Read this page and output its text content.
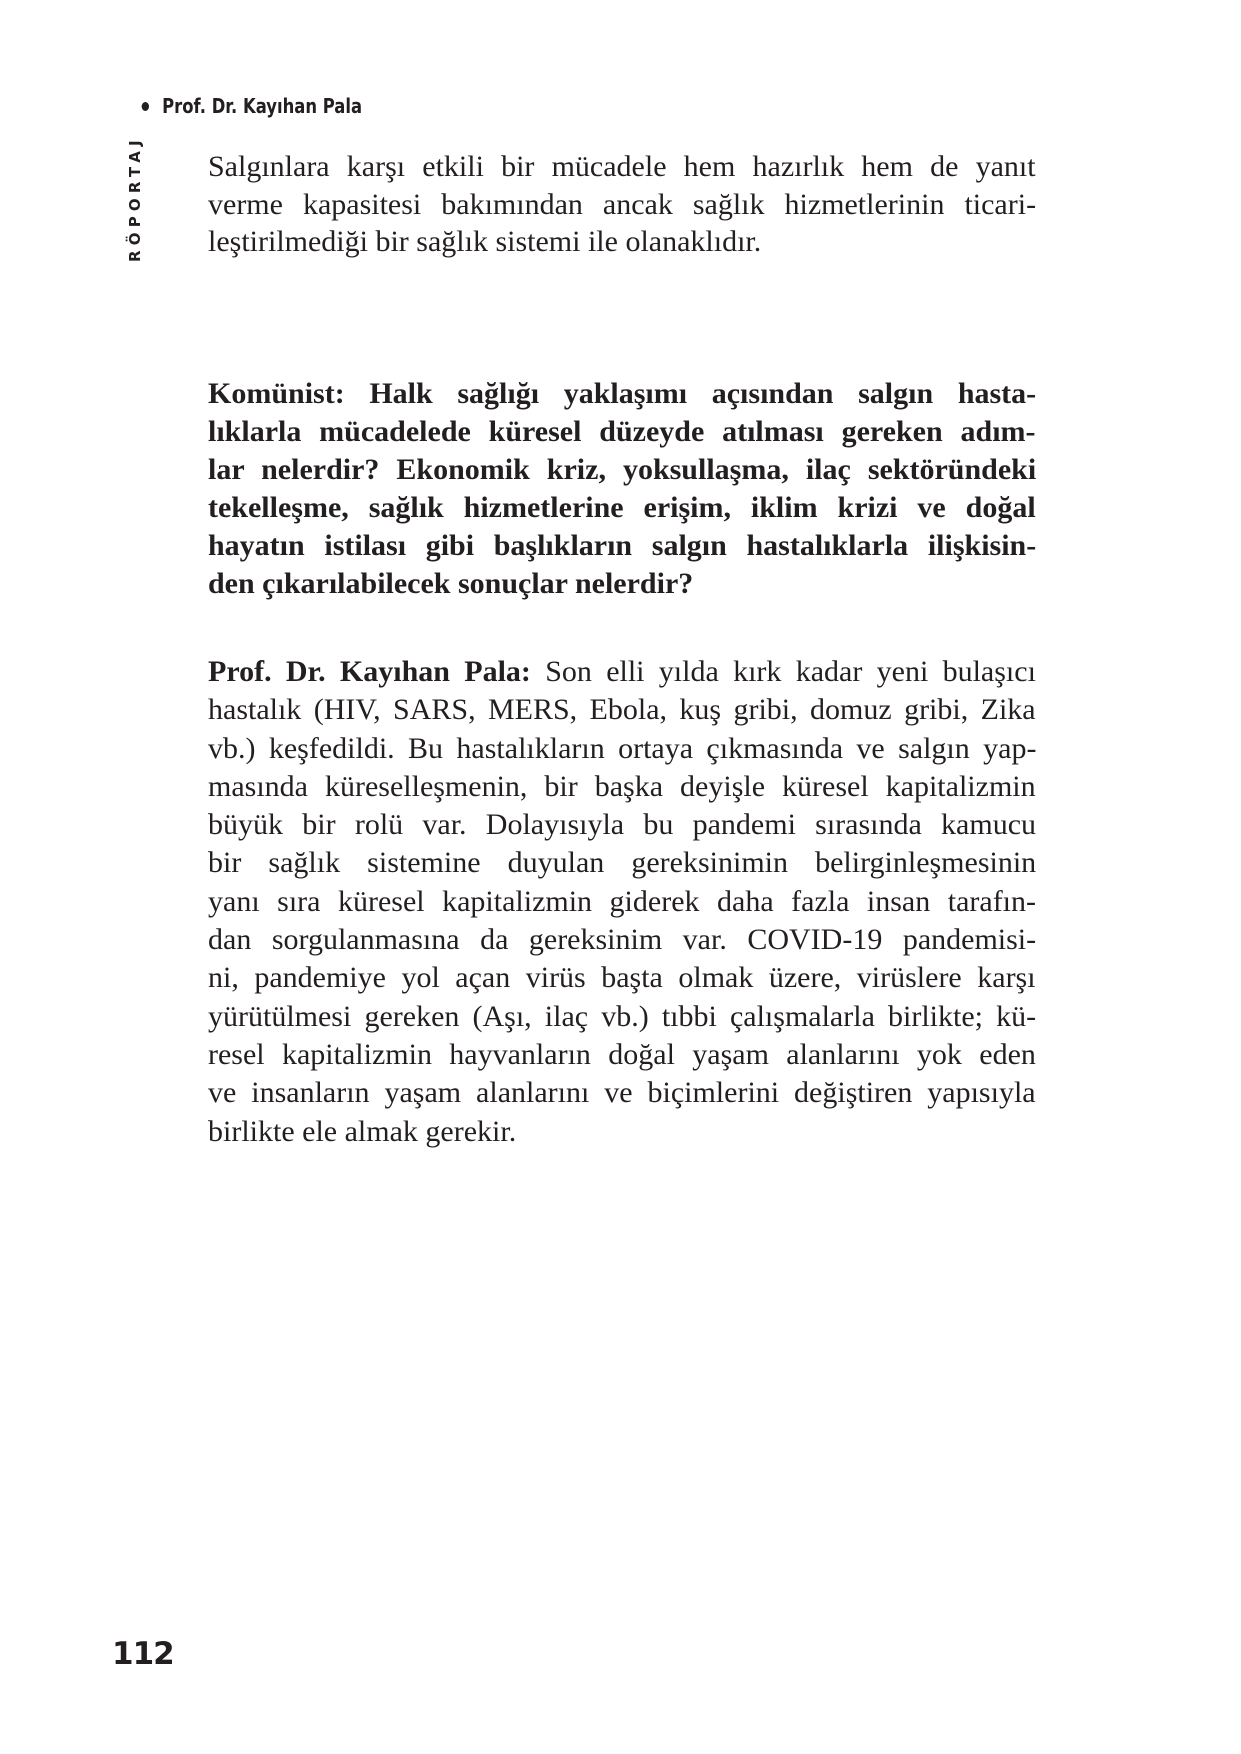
Prof. Dr. Kayıhan Pala
RÖPORTAJ Salgınlara karşı etkili bir mücadele hem hazırlık hem de yanıt
verme kapasitesi bakımından ancak sağlık hizmetlerinin ticari-
leştirilmediği bir sağlık sistemi ile olanaklıdır.
Komünist: Halk sağlığı yaklaşımı açısından salgın hasta-
lıklarla mücadelede küresel düzeyde atılması gereken adım-
lar nelerdir? Ekonomik kriz, yoksullaşma, ilaç sektöründeki
tekelleşme, sağlık hizmetlerine erişim, iklim krizi ve doğal
hayatın istilası gibi başlıkların salgın hastalıklarla ilişkisin-
den çıkarılabilecek sonuçlar nelerdir?
Prof. Dr. Kayıhan Pala: Son elli yılda kırk kadar yeni bulaşıcı
hastalık (HIV, SARS, MERS, Ebola, kuş gribi, domuz gribi, Zika
vb.) keşfedildi. Bu hastalıkların ortaya çıkmasında ve salgın yap-
masında küreselleşmenin, bir başka deyişle küresel kapitalizmin
büyük bir rolü var. Dolayısıyla bu pandemi sırasında kamucu
bir sağlık sistemine duyulan gereksinimin belirginleşmesinin
yanı sıra küresel kapitalizmin giderek daha fazla insan tarafın-
dan sorgulanmasına da gereksinim var. COVID-19 pandemisi-
ni, pandemiye yol açan virüs başta olmak üzere, virüslere karşı
yürütülmesi gereken (Aşı, ilaç vb.) tıbbi çalışmalarla birlikte; kü-
resel kapitalizmin hayvanların doğal yaşam alanlarını yok eden
ve insanların yaşam alanlarını ve biçimlerini değiştiren yapısıyla
birlikte ele almak gerekir.
112
